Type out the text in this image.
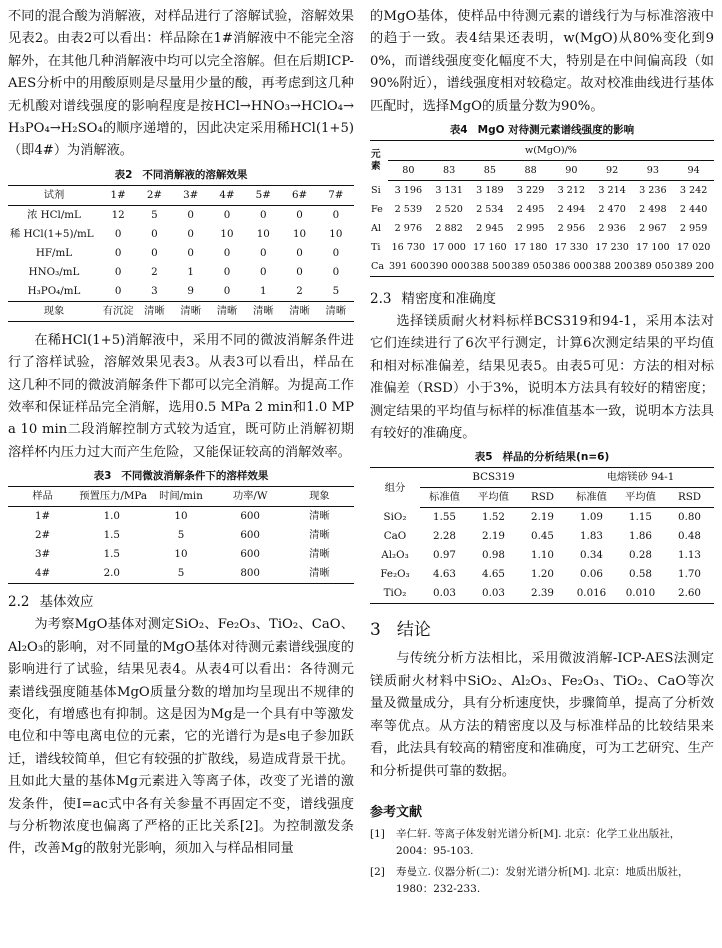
不同的混合酸为消解液，对样品进行了溶解试验，溶解效果见表2。由表2可以看出：样品除在1#消解液中不能完全溶解外，在其他几种消解液中均可以完全溶解。但在后期ICP-AES分析中的用酸原则是尽量用少量的酸，再考虑到这几种无机酸对谱线强度的影响程度是按HCl→HNO₃→HClO₄→H₃PO₄→H₂SO₄的顺序递增的，因此决定采用稀HCl(1+5)（即4#）为消解液。

表2 不同消解液的溶解效果
试剂	1#	2#	3#	4#	5#	6#	7#
浓 HCl/mL	12	5	0	0	0	0	0
稀 HCl(1+5)/mL	0	0	0	10	10	10	10
HF/mL	0	0	0	0	0	0	0
HNO₃/mL	0	2	1	0	0	0	0
H₃PO₄/mL	0	3	9	0	1	2	5
现象	有沉淀	清晰	清晰	清晰	清晰	清晰	清晰

在稀HCl(1+5)消解液中，采用不同的微波消解条件进行了溶样试验，溶解效果见表3。从表3可以看出，样品在这几种不同的微波消解条件下都可以完全消解。为提高工作效率和保证样品完全消解，选用0.5 MPa 2 min和1.0 MPa 10 min二段消解控制方式较为适宜，既可防止消解初期溶样杯内压力过大而产生危险，又能保证较高的消解效率。

表3 不同微波消解条件下的溶样效果
样品	预置压力/MPa	时间/min	功率/W	现象
1#	1.0	10	600	清晰
2#	1.5	5	600	清晰
3#	1.5	10	600	清晰
4#	2.0	5	800	清晰
2.2 基体效应

为考察MgO基体对测定SiO₂、Fe₂O₃、TiO₂、CaO、Al₂O₃的影响，对不同量的MgO基体对待测元素谱线强度的影响进行了试验，结果见表4。从表4可以看出：各待测元素谱线强度随基体MgO质量分数的增加均呈现出不规律的变化，有增感也有抑制。这是因为Mg是一个具有中等激发电位和中等电离电位的元素，它的光谱行为是s电子参加跃迁，谱线较简单，但它有较强的扩散线，易造成背景干扰。且如此大量的基体Mg元素进入等离子体，改变了光谱的激发条件，使I=ac式中各有关参量不再固定不变，谱线强度与分析物浓度也偏离了严格的正比关系[2]。为控制激发条件，改善Mg的散射光影响，须加入与样品相同量

的MgO基体，使样品中待测元素的谱线行为与标准溶液中的趋于一致。表4结果还表明，w(MgO)从80%变化到90%，而谱线强度变化幅度不大，特别是在中间偏高段（如90%附近），谱线强度相对较稳定。故对校准曲线进行基体匹配时，选择MgO的质量分数为90%。

表4 MgO 对待测元素谱线强度的影响
元
素	w(MgO)/%							
	80	83	85	88	90	92	93	94
Si	3 196	3 131	3 189	3 229	3 212	3 214	3 236	3 242
Fe	2 539	2 520	2 534	2 495	2 494	2 470	2 498	2 440
Al	2 976	2 882	2 945	2 995	2 956	2 936	2 967	2 959
Ti	16 730	17 000	17 160	17 180	17 330	17 230	17 100	17 020
Ca	391 600	390 000	388 500	389 050	386 000	388 200	389 050	389 200
2.3 精密度和准确度

选择镁质耐火材料标样BCS319和94-1，采用本法对它们连续进行了6次平行测定，计算6次测定结果的平均值和相对标准偏差，结果见表5。由表5可见：方法的相对标准偏差（RSD）小于3%，说明本方法具有较好的精密度；测定结果的平均值与标样的标准值基本一致，说明本方法具有较好的准确度。

表5 样品的分析结果(n=6)
组分	BCS319			电熔镁砂 94-1		
	标准值	平均值	RSD	标准值	平均值	RSD
SiO₂	1.55	1.52	2.19	1.09	1.15	0.80
CaO	2.28	2.19	0.45	1.83	1.86	0.48
Al₂O₃	0.97	0.98	1.10	0.34	0.28	1.13
Fe₂O₃	4.63	4.65	1.20	0.06	0.58	1.70
TiO₂	0.03	0.03	2.39	0.016	0.010	2.60
3 结论

与传统分析方法相比，采用微波消解-ICP-AES法测定镁质耐火材料中SiO₂、Al₂O₃、Fe₂O₃、TiO₂、CaO等次量及微量成分，具有分析速度快，步骤简单，提高了分析效率等优点。从方法的精密度以及与标准样品的比较结果来看，此法具有较高的精密度和准确度，可为工艺研究、生产和分析提供可靠的数据。

参考文献
[1]	辛仁轩. 等离子体发射光谱分析[M]. 北京：化学工业出版社，2004：95-103.
[2]	寿曼立. 仪器分析(二)：发射光谱分析[M]. 北京：地质出版社，1980：232-233.
